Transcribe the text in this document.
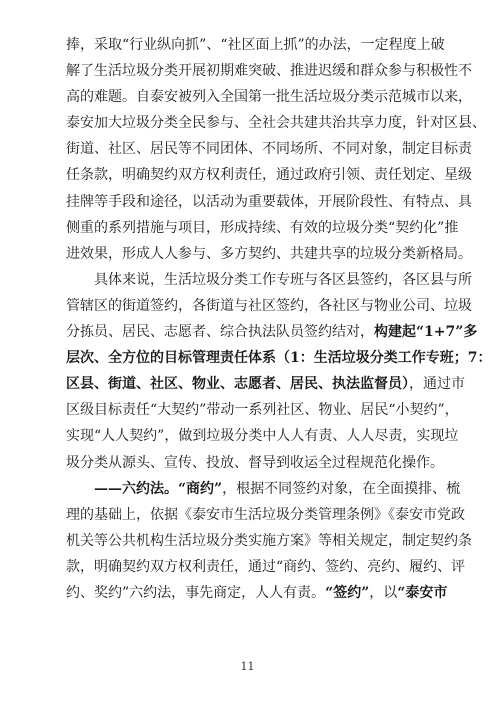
捧，采取“行业纵向抓”、“社区面上抓”的办法，一定程度上破
解了生活垃圾分类开展初期难突破、推进迟缓和群众参与积极性不
高的难题。自泰安被列入全国第一批生活垃圾分类示范城市以来，
泰安加大垃圾分类全民参与、全社会共建共治共享力度，针对区县、
街道、社区、居民等不同团体、不同场所、不同对象，制定目标责
任条款，明确契约双方权利责任，通过政府引领、责任划定、星级
挂牌等手段和途径，以活动为重要载体，开展阶段性、有特点、具
侧重的系列措施与项目，形成持续、有效的垃圾分类“契约化”推
进效果，形成人人参与、多方契约、共建共享的垃圾分类新格局。
具体来说，生活垃圾分类工作专班与各区县签约，各区县与所
管辖区的街道签约，各街道与社区签约，各社区与物业公司、垃圾
分拣员、居民、志愿者、综合执法队员签约结对，构建起“1+7”多
层次、全方位的目标管理责任体系（1：生活垃圾分类工作专班；7：
区县、街道、社区、物业、志愿者、居民、执法监督员），通过市
区级目标责任“大契约”带动一系列社区、物业、居民“小契约”，
实现“人人契约”，做到垃圾分类中人人有责、人人尽责，实现垃
圾分类从源头、宣传、投放、督导到收运全过程规范化操作。
——六约法。“商约”，根据不同签约对象，在全面摸排、梳
理的基础上，依据《泰安市生活垃圾分类管理条例》《泰安市党政
机关等公共机构生活垃圾分类实施方案》等相关规定，制定契约条
款，明确契约双方权利责任，通过“商约、签约、亮约、履约、评
约、奖约”六约法，事先商定，人人有责。“签约”，以“泰安市
11
